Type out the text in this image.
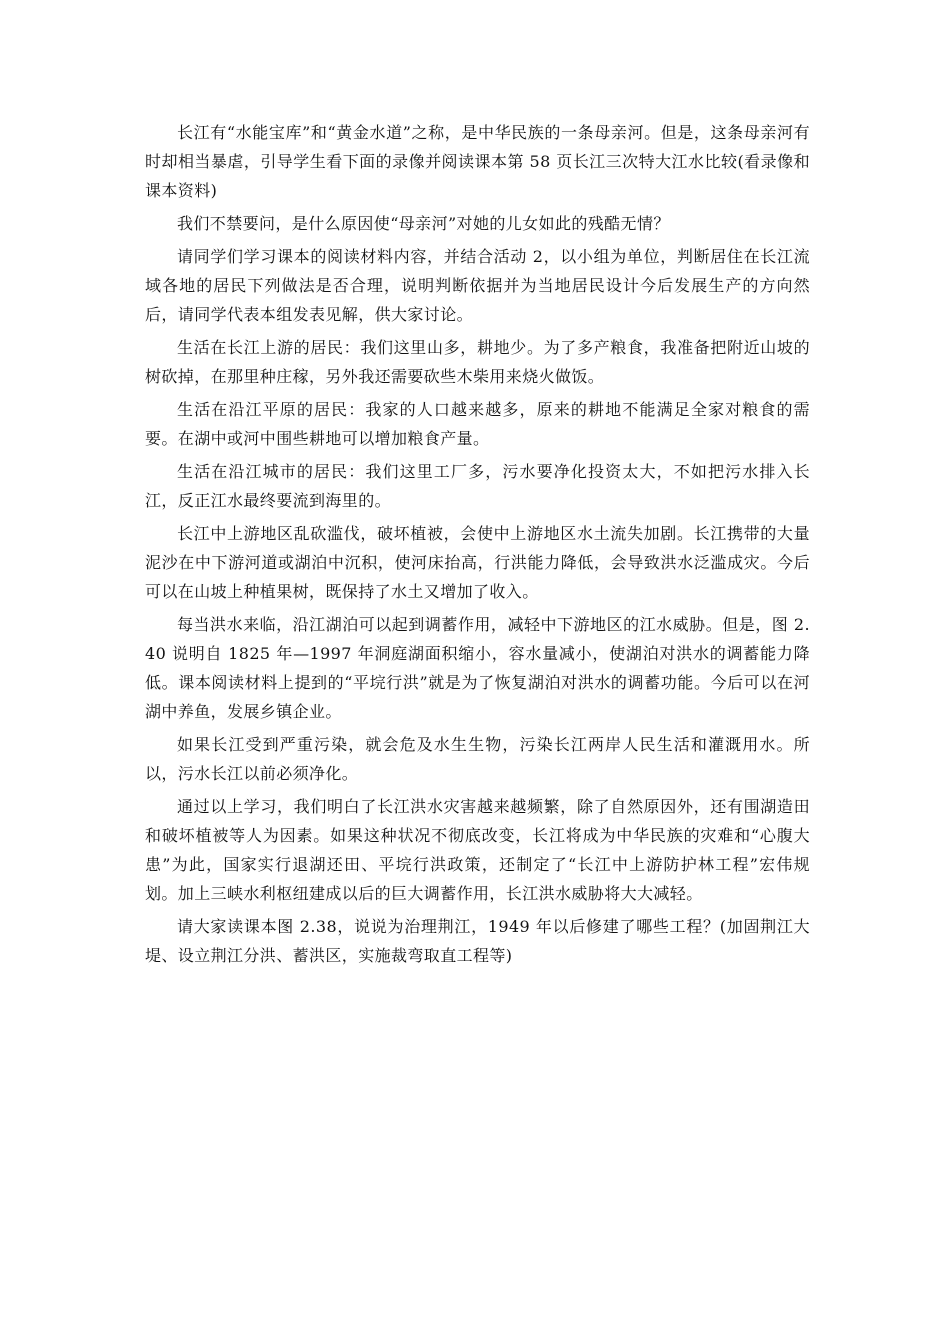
长江有“水能宝库”和“黄金水道”之称，是中华民族的一条母亲河。但是，这条母亲河有时却相当暴虐，引导学生看下面的录像并阅读课本第 58 页长江三次特大江水比较(看录像和课本资料)

我们不禁要问，是什么原因使“母亲河”对她的儿女如此的残酷无情？

请同学们学习课本的阅读材料内容，并结合活动 2，以小组为单位，判断居住在长江流域各地的居民下列做法是否合理，说明判断依据并为当地居民设计今后发展生产的方向然后，请同学代表本组发表见解，供大家讨论。

生活在长江上游的居民：我们这里山多，耕地少。为了多产粮食，我准备把附近山坡的树砍掉，在那里种庄稼，另外我还需要砍些木柴用来烧火做饭。

生活在沿江平原的居民：我家的人口越来越多，原来的耕地不能满足全家对粮食的需要。在湖中或河中围些耕地可以增加粮食产量。

生活在沿江城市的居民：我们这里工厂多，污水要净化投资太大，不如把污水排入长江，反正江水最终要流到海里的。

长江中上游地区乱砍滥伐，破坏植被，会使中上游地区水土流失加剧。长江携带的大量泥沙在中下游河道或湖泊中沉积，使河床抬高，行洪能力降低，会导致洪水泛滥成灾。今后可以在山坡上种植果树，既保持了水土又增加了收入。

每当洪水来临，沿江湖泊可以起到调蓄作用，减轻中下游地区的江水威胁。但是，图 2.40 说明自 1825 年—1997 年洞庭湖面积缩小，容水量减小，使湖泊对洪水的调蓄能力降低。课本阅读材料上提到的“平垸行洪”就是为了恢复湖泊对洪水的调蓄功能。今后可以在河湖中养鱼，发展乡镇企业。

如果长江受到严重污染，就会危及水生生物，污染长江两岸人民生活和灌溉用水。所以，污水长江以前必须净化。

通过以上学习，我们明白了长江洪水灾害越来越频繁，除了自然原因外，还有围湖造田和破坏植被等人为因素。如果这种状况不彻底改变，长江将成为中华民族的灾难和“心腹大患”为此，国家实行退湖还田、平垸行洪政策，还制定了“长江中上游防护林工程”宏伟规划。加上三峡水利枢纽建成以后的巨大调蓄作用，长江洪水威胁将大大减轻。

请大家读课本图 2.38，说说为治理荆江，1949 年以后修建了哪些工程？(加固荆江大堤、设立荆江分洪、蓄洪区，实施裁弯取直工程等)
